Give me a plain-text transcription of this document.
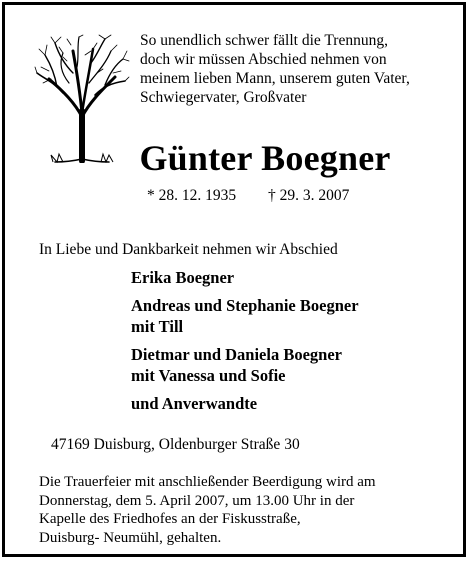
So unendlich schwer fällt die Trennung,
doch wir müssen Abschied nehmen von
meinem lieben Mann, unserem guten Vater,
Schwiegervater, Großvater
Günter Boegner
* 28. 12. 1935 † 29. 3. 2007
In Liebe und Dankbarkeit nehmen wir Abschied
Erika Boegner
Andreas und Stephanie Boegner
mit Till
Dietmar und Daniela Boegner
mit Vanessa und Sofie
und Anverwandte
47169 Duisburg, Oldenburger Straße 30
Die Trauerfeier mit anschließender Beerdigung wird am
Donnerstag, dem 5. April 2007, um 13.00 Uhr in der
Kapelle des Friedhofes an der Fiskusstraße,
Duisburg- Neumühl, gehalten.
